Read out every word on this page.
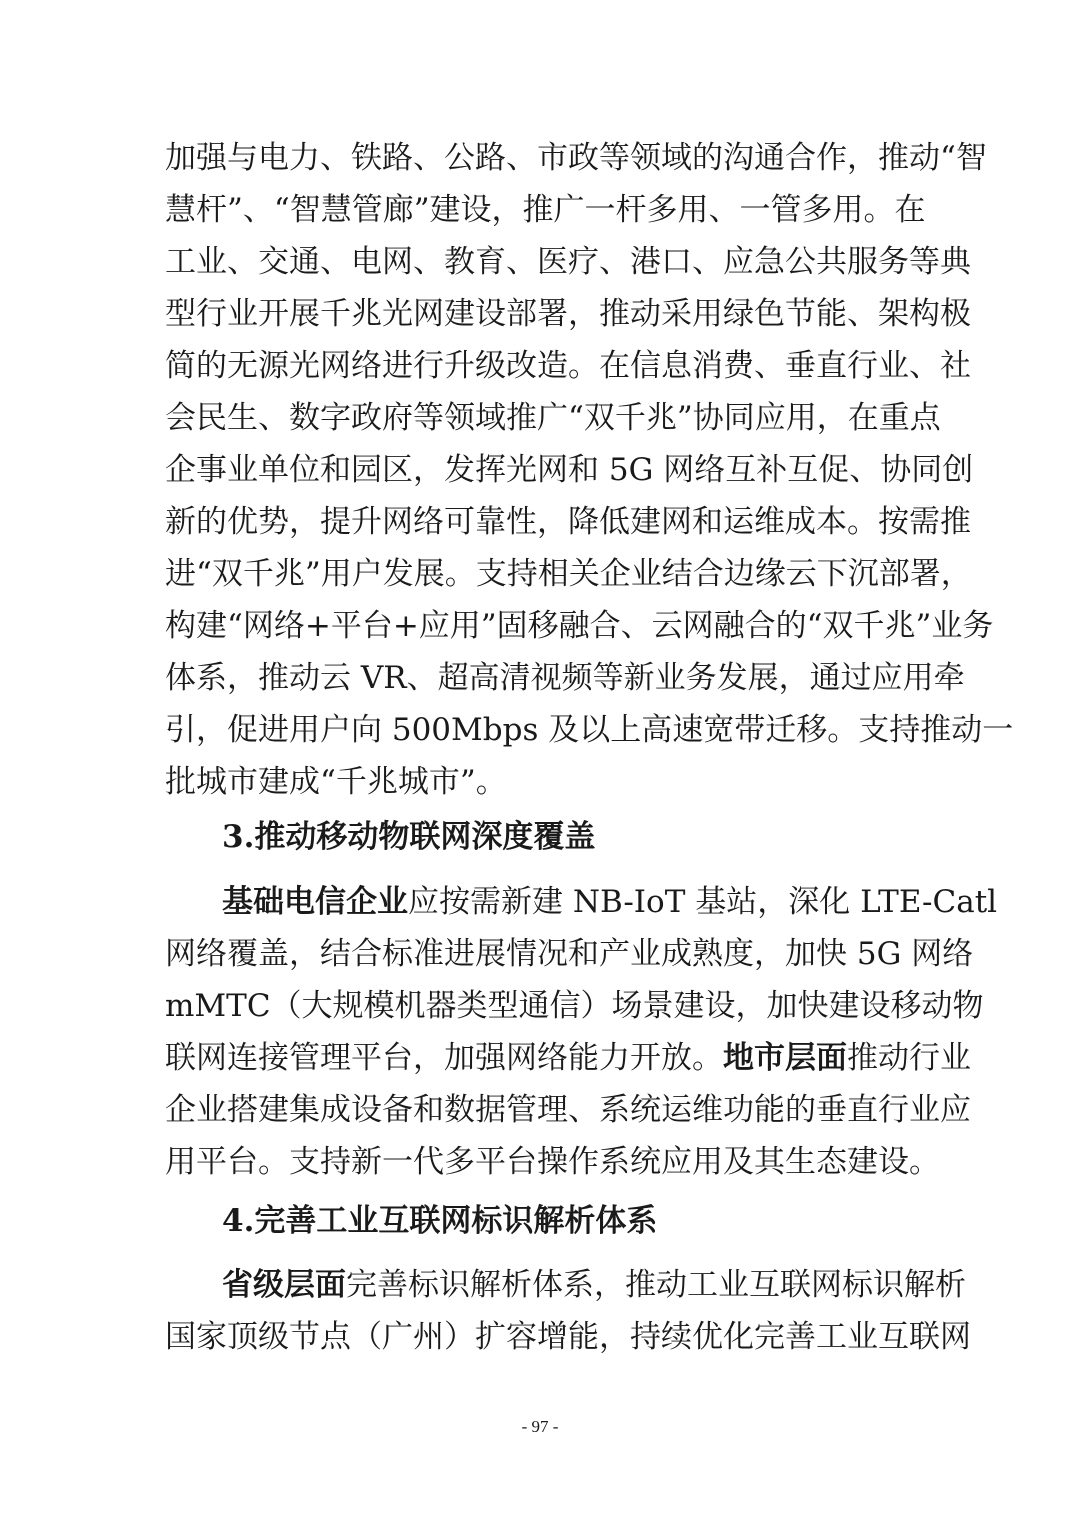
加强与电力、铁路、公路、市政等领域的沟通合作，推动“智
慧杆”、“智慧管廊”建设，推广一杆多用、一管多用。在
工业、交通、电网、教育、医疗、港口、应急公共服务等典
型行业开展千兆光网建设部署，推动采用绿色节能、架构极
简的无源光网络进行升级改造。在信息消费、垂直行业、社
会民生、数字政府等领域推广“双千兆”协同应用，在重点
企事业单位和园区，发挥光网和 5G 网络互补互促、协同创
新的优势，提升网络可靠性，降低建网和运维成本。按需推
进“双千兆”用户发展。支持相关企业结合边缘云下沉部署，
构建“网络+平台+应用”固移融合、云网融合的“双千兆”业务
体系，推动云 VR、超高清视频等新业务发展，通过应用牵
引，促进用户向 500Mbps 及以上高速宽带迁移。支持推动一
批城市建成“千兆城市”。
3.推动移动物联网深度覆盖
基础电信企业应按需新建 NB-IoT 基站，深化 LTE-Catl
网络覆盖，结合标准进展情况和产业成熟度，加快 5G 网络
mMTC（大规模机器类型通信）场景建设，加快建设移动物
联网连接管理平台，加强网络能力开放。地市层面推动行业
企业搭建集成设备和数据管理、系统运维功能的垂直行业应
用平台。支持新一代多平台操作系统应用及其生态建设。
4.完善工业互联网标识解析体系
省级层面完善标识解析体系，推动工业互联网标识解析
国家顶级节点（广州）扩容增能，持续优化完善工业互联网
- 97 -
